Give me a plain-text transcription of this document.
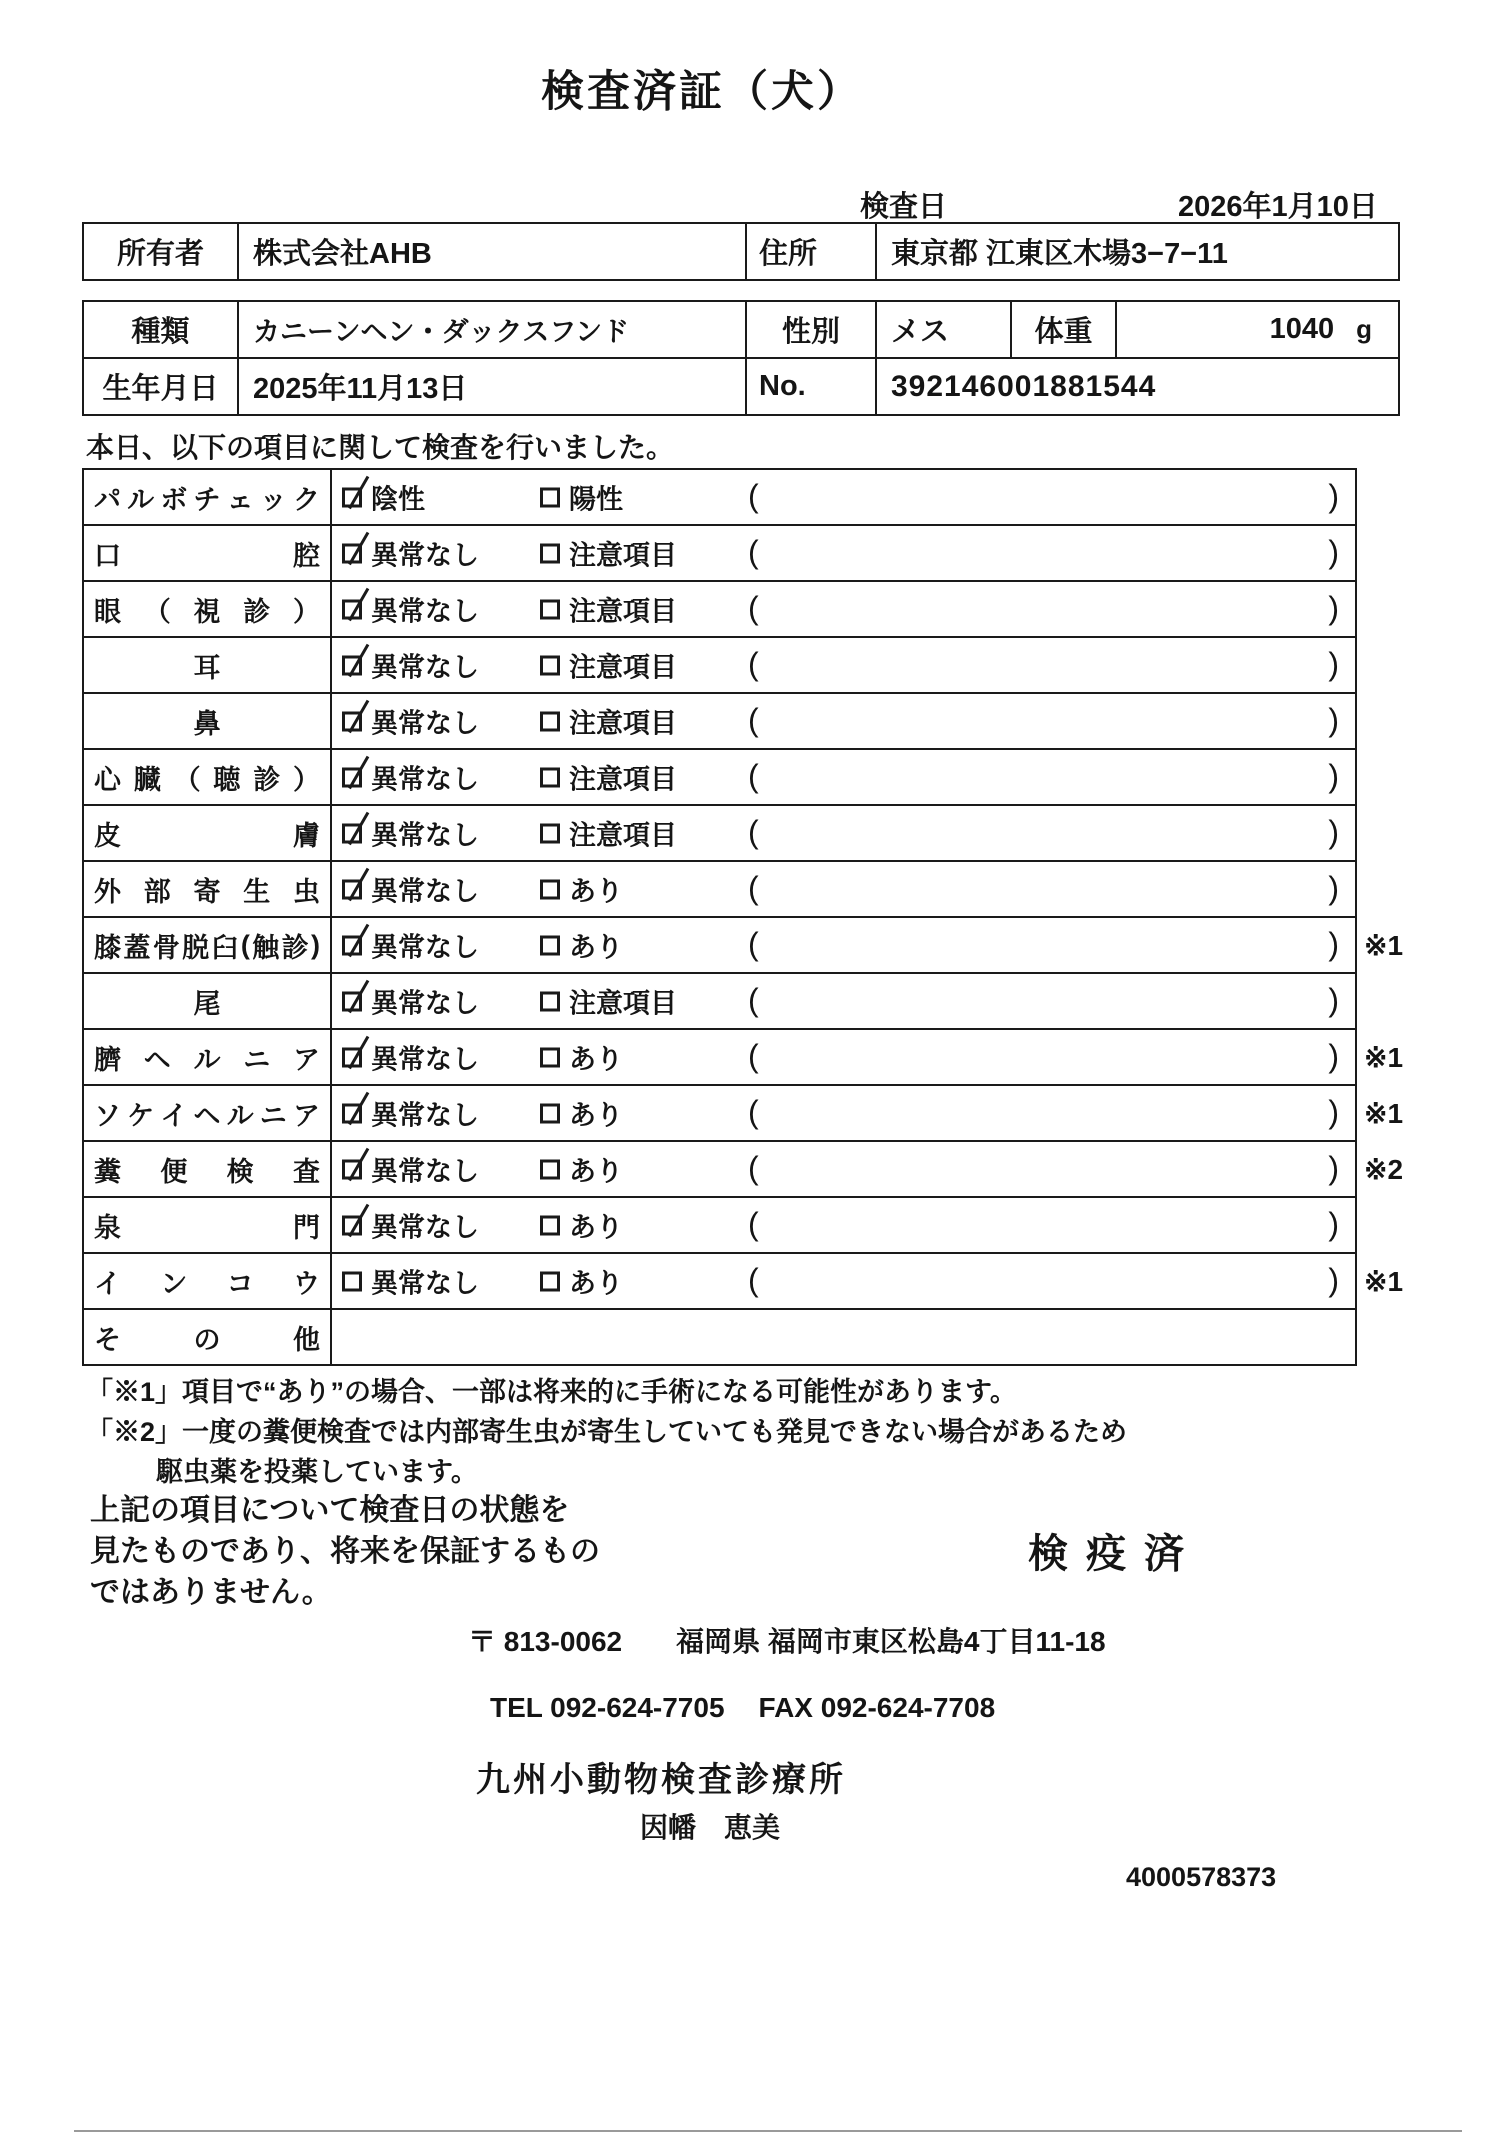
検査済証（犬）
検査日	2026年1月10日
所有者	株式会社AHB	住所	東京都 江東区木場3−7−11
種類	カニーンヘン・ダックスフンド	性別	メス	体重	1040 g
生年月日	2025年11月13日	No.	392146001881544		

本日、以下の項目に関して検査を行いました。

パ ル ボ チ ェ ッ ク	陰性	陽性	(	)

口 腔	異常なし 注意項目 ( )	

眼 （ 視 診 ）	異常なし 注意項目 ( )	

耳	異常なし 注意項目 ( )	

鼻	異常なし 注意項目 ( )	

心 臓 （ 聴 診 ）	異常なし	注意項目 (	)

皮 膚	異常なし 注意項目 ( )	

外 部 寄 生 虫	異常なし あり ( )	

膝 蓋 骨 脱 臼 ( 触 診 )	異常なし	あり	(	)	※1

尾	異常なし 注意項目 ( )	

臍 ヘ ル ニ ア	異常なし あり ( )	※1

ソ ケ イ ヘ ル ニ ア	異常なし	あり	(	)	※1

糞 便 検 査	異常なし あり ( )	※2

泉 門	異常なし あり ( )	

イ ン コ ウ	異常なし あり ( )	※1

そ の 他		

「※1」項目で“あり”の場合、一部は将来的に手術になる可能性があります。
「※2」一度の糞便検査では内部寄生虫が寄生していても発見できない場合があるため
駆虫薬を投薬しています。
上記の項目について検査日の状態を
見たものであり、将来を保証するもの
ではありません。
検疫済
〒 813-0062 福岡県 福岡市東区松島4丁目11-18
TEL 092-624-7705 FAX 092-624-7708
九州小動物検査診療所
因幡　恵美
4000578373
